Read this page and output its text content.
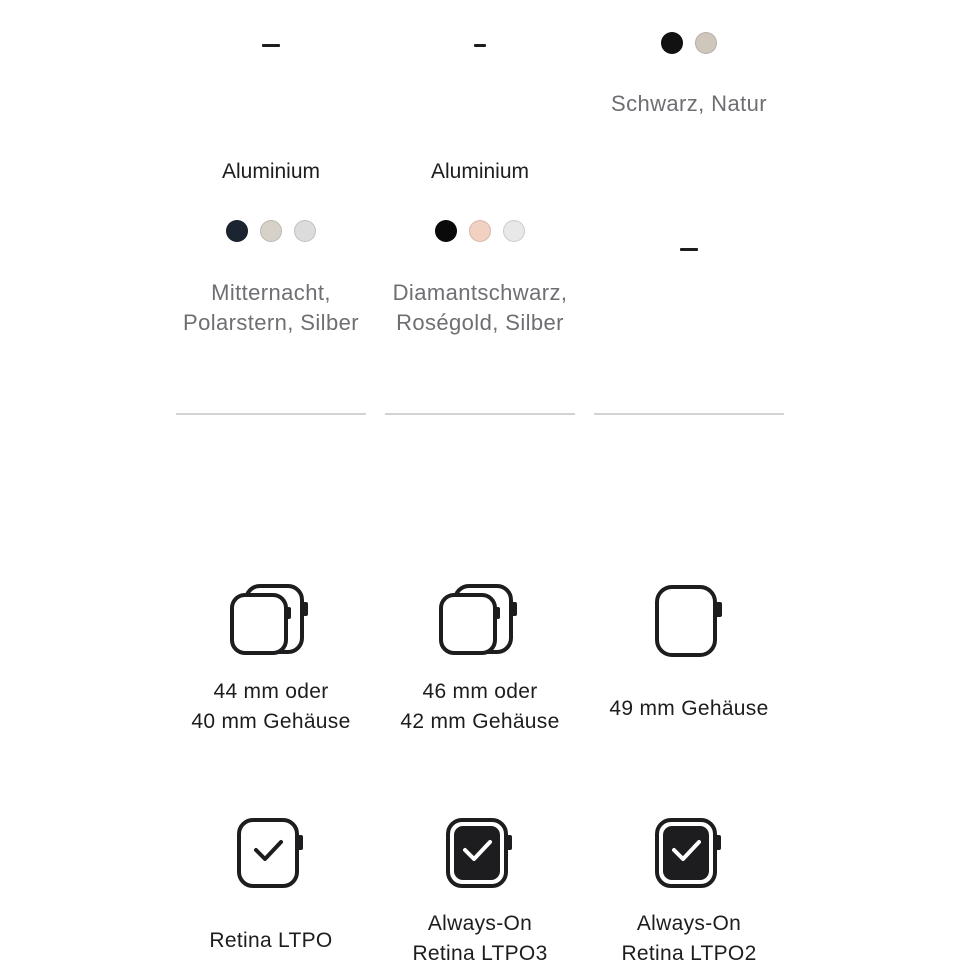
Schwarz, Natur
Aluminium	Aluminium
Mitternacht,
Polarstern, Silber
Diamantschwarz,
Roségold, Silber
44 mm oder
40 mm Gehäuse
46 mm oder
42 mm Gehäuse
49 mm Gehäuse
Retina LTPO
Always-On
Retina LTPO3
Always-On
Retina LTPO2
